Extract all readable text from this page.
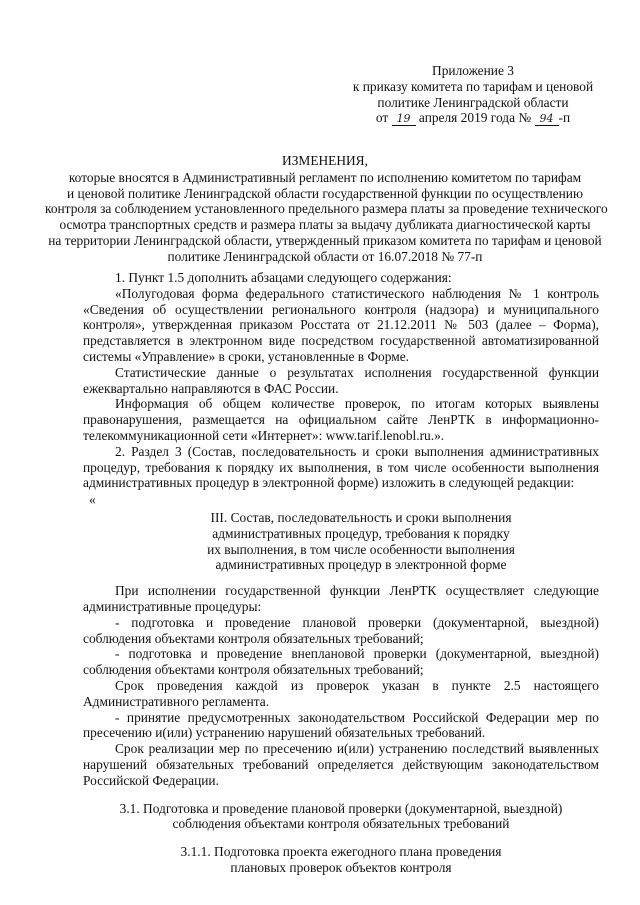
Приложение 3
к приказу комитета по тарифам и ценовой
политике Ленинградской области
от 19 апреля 2019 года № 94 -п
ИЗМЕНЕНИЯ,
которые вносятся в Административный регламент по исполнению комитетом по тарифам
и ценовой политике Ленинградской области государственной функции по осуществлению
контроля за соблюдением установленного предельного размера платы за проведение технического
осмотра транспортных средств и размера платы за выдачу дубликата диагностической карты
на территории Ленинградской области, утвержденный приказом комитета по тарифам и ценовой
политике Ленинградской области от 16.07.2018 № 77-п

1. Пункт 1.5 дополнить абзацами следующего содержания:

«Полугодовая форма федерального статистического наблюдения № 1 контроль «Сведения об осуществлении регионального контроля (надзора) и муниципального контроля», утвержденная приказом Росстата от 21.12.2011 № 503 (далее – Форма), представляется в электронном виде посредством государственной автоматизированной системы «Управление» в сроки, установленные в Форме.

Статистические данные о результатах исполнения государственной функции ежеквартально направляются в ФАС России.

Информация об общем количестве проверок, по итогам которых выявлены правонарушения, размещается на официальном сайте ЛенРТК в информационно-телекоммуникационной сети «Интернет»: www.tarif.lenobl.ru.».

2. Раздел 3 (Состав, последовательность и сроки выполнения административных процедур, требования к порядку их выполнения, в том числе особенности выполнения административных процедур в электронной форме) изложить в следующей редакции:

«

III. Состав, последовательность и сроки выполнения
административных процедур, требования к порядку
их выполнения, в том числе особенности выполнения
административных процедур в электронной форме

При исполнении государственной функции ЛенРТК осуществляет следующие административные процедуры:

- подготовка и проведение плановой проверки (документарной, выездной) соблюдения объектами контроля обязательных требований;

- подготовка и проведение внеплановой проверки (документарной, выездной) соблюдения объектами контроля обязательных требований;

Срок проведения каждой из проверок указан в пункте 2.5 настоящего Административного регламента.

- принятие предусмотренных законодательством Российской Федерации мер по пресечению и(или) устранению нарушений обязательных требований.

Срок реализации мер по пресечению и(или) устранению последствий выявленных нарушений обязательных требований определяется действующим законодательством Российской Федерации.

3.1. Подготовка и проведение плановой проверки (документарной, выездной)
соблюдения объектами контроля обязательных требований
3.1.1. Подготовка проекта ежегодного плана проведения
плановых проверок объектов контроля
